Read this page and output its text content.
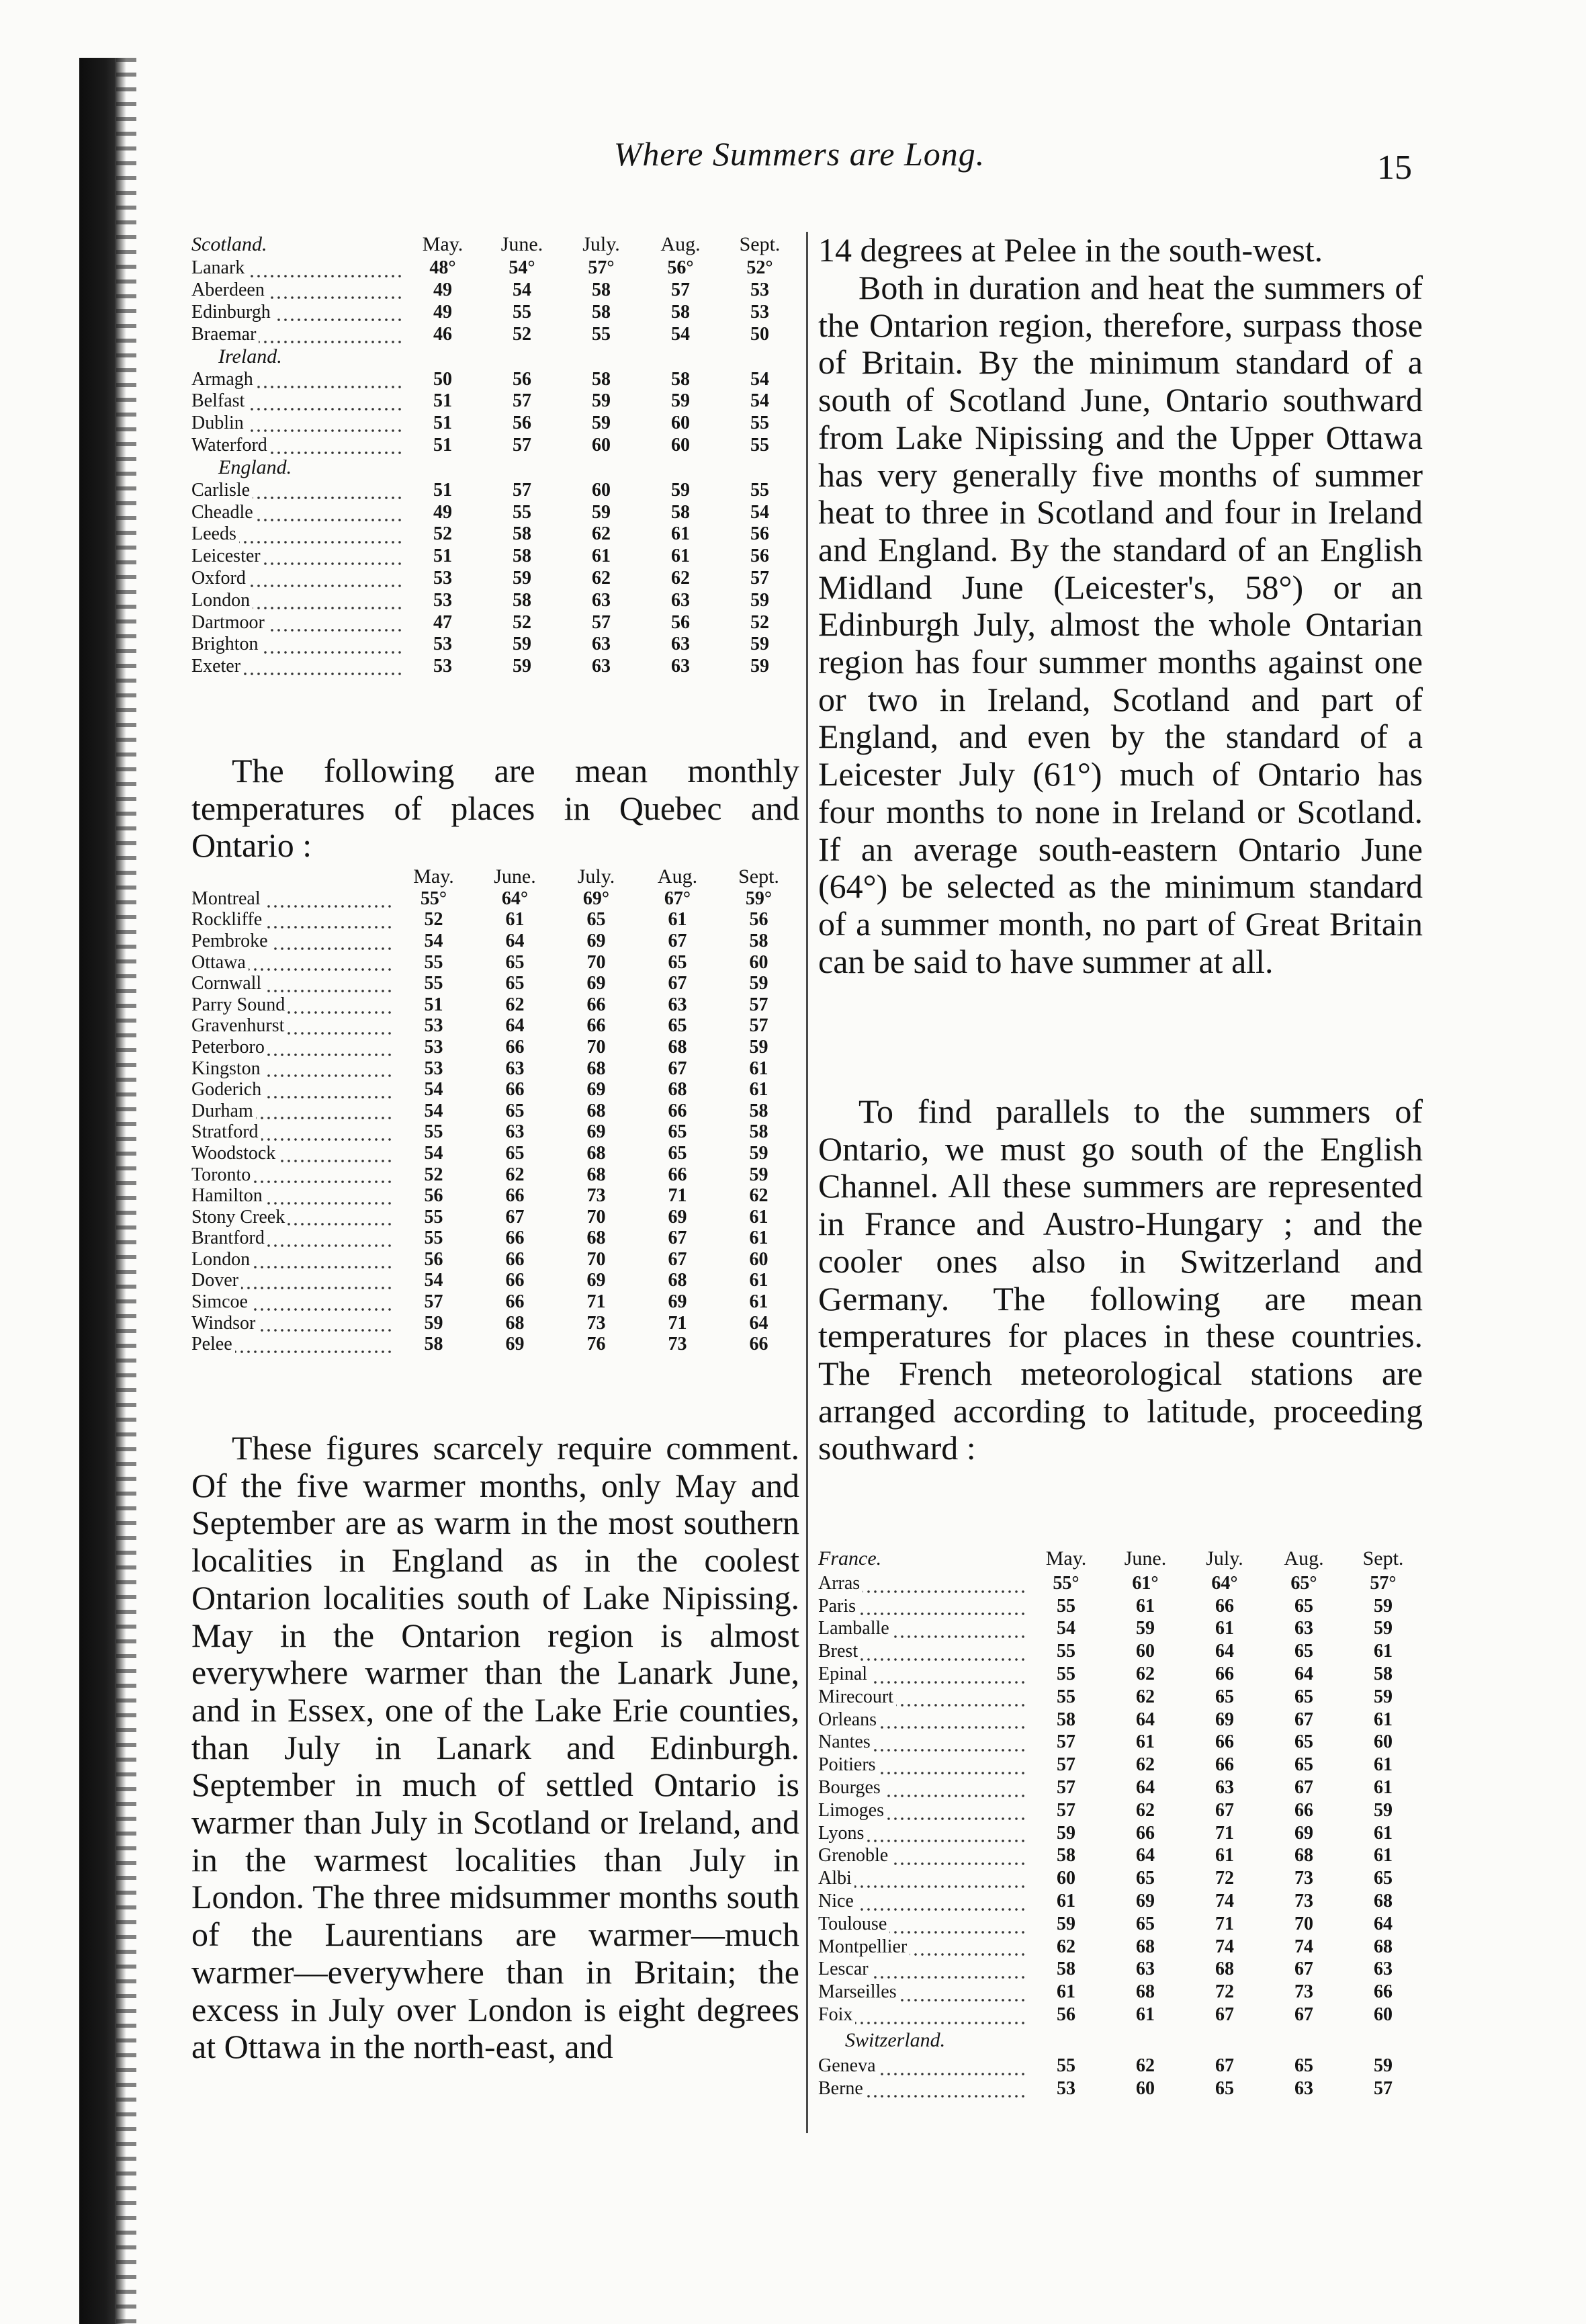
Where Summers are Long.	15
Scotland.	May.	June.	July.	Aug.	Sept.
Lanark	48°	54°	57°	56°	52°
Aberdeen	49	54	58	57	53
Edinburgh	49	55	58	58	53
Braemar	46	52	55	54	50
Ireland.					
Armagh	50	56	58	58	54
Belfast	51	57	59	59	54
Dublin	51	56	59	60	55
Waterford	51	57	60	60	55
England.					
Carlisle	51	57	60	59	55
Cheadle	49	55	59	58	54
Leeds	52	58	62	61	56
Leicester	51	58	61	61	56
Oxford	53	59	62	62	57
London	53	58	63	63	59
Dartmoor	47	52	57	56	52
Brighton	53	59	63	63	59
Exeter	53	59	63	63	59

The following are mean monthly temperatures of places in Quebec and Ontario :

	May.	June.	July.	Aug.	Sept.
Montreal	55°	64°	69°	67°	59°
Rockliffe	52	61	65	61	56
Pembroke	54	64	69	67	58
Ottawa	55	65	70	65	60
Cornwall	55	65	69	67	59
Parry Sound	51	62	66	63	57
Gravenhurst	53	64	66	65	57
Peterboro	53	66	70	68	59
Kingston	53	63	68	67	61
Goderich	54	66	69	68	61
Durham	54	65	68	66	58
Stratford	55	63	69	65	58
Woodstock	54	65	68	65	59
Toronto	52	62	68	66	59
Hamilton	56	66	73	71	62
Stony Creek	55	67	70	69	61
Brantford	55	66	68	67	61
London	56	66	70	67	60
Dover	54	66	69	68	61
Simcoe	57	66	71	69	61
Windsor	59	68	73	71	64
Pelee	58	69	76	73	66

These figures scarcely require comment. Of the five warmer months, only May and September are as warm in the most southern localities in England as in the coolest Ontarion localities south of Lake Nipissing. May in the Ontarion region is almost everywhere warmer than the Lanark June, and in Essex, one of the Lake Erie counties, than July in Lanark and Edinburgh. September in much of settled Ontario is warmer than July in Scotland or Ireland, and in the warmest localities than July in London. The three midsummer months south of the Laurentians are warmer—much warmer—everywhere than in Britain; the excess in July over London is eight degrees at Ottawa in the north-east, and

14 degrees at Pelee in the south-west.

Both in duration and heat the summers of the Ontarion region, therefore, surpass those of Britain. By the minimum standard of a south of Scotland June, Ontario southward from Lake Nipissing and the Upper Ottawa has very generally five months of summer heat to three in Scotland and four in Ireland and England. By the standard of an English Midland June (Leicester's, 58°) or an Edinburgh July, almost the whole Ontarian region has four summer months against one or two in Ireland, Scotland and part of England, and even by the standard of a Leicester July (61°) much of Ontario has four months to none in Ireland or Scotland. If an average south-eastern Ontario June (64°) be selected as the minimum standard of a summer month, no part of Great Britain can be said to have summer at all.

To find parallels to the summers of Ontario, we must go south of the English Channel. All these summers are represented in France and Austro-Hungary ; and the cooler ones also in Switzerland and Germany. The following are mean temperatures for places in these countries. The French meteorological stations are arranged according to latitude, proceeding southward :

France.	May.	June.	July.	Aug.	Sept.
Arras	55°	61°	64°	65°	57°
Paris	55	61	66	65	59
Lamballe	54	59	61	63	59
Brest	55	60	64	65	61
Epinal	55	62	66	64	58
Mirecourt	55	62	65	65	59
Orleans	58	64	69	67	61
Nantes	57	61	66	65	60
Poitiers	57	62	66	65	61
Bourges	57	64	63	67	61
Limoges	57	62	67	66	59
Lyons	59	66	71	69	61
Grenoble	58	64	61	68	61
Albi	60	65	72	73	65
Nice	61	69	74	73	68
Toulouse	59	65	71	70	64
Montpellier	62	68	74	74	68
Lescar	58	63	68	67	63
Marseilles	61	68	72	73	66
Foix	56	61	67	67	60
Switzerland.					
Geneva	55	62	67	65	59
Berne	53	60	65	63	57
